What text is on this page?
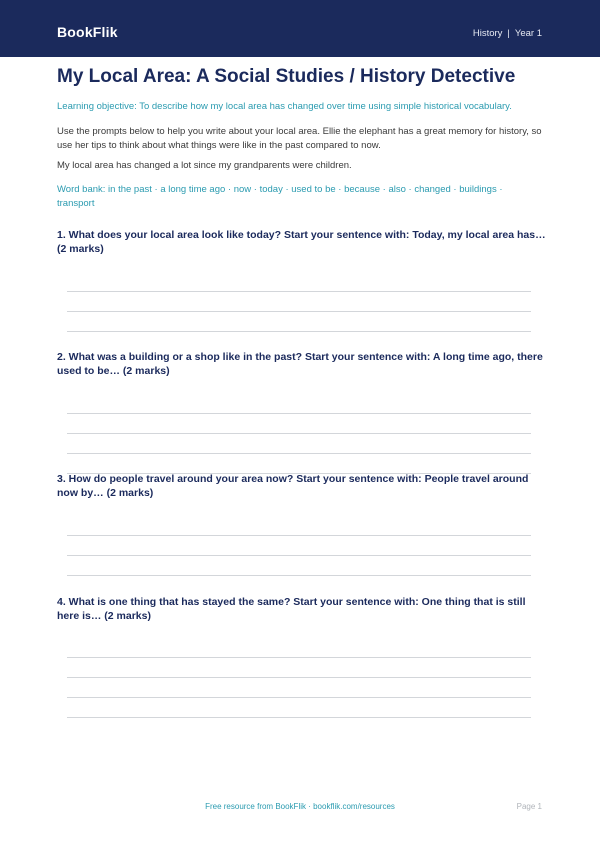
BookFlik	History | Year 1
My Local Area: A Social Studies / History Detective

Learning objective: To describe how my local area has changed over time using simple historical vocabulary.

Use the prompts below to help you write about your local area. Ellie the elephant has a great memory for history, so use her tips to think about what things were like in the past compared to now.

My local area has changed a lot since my grandparents were children.

Word bank: in the past · a long time ago · now · today · used to be · because · also · changed · buildings · transport

1. What does your local area look like today? Start your sentence with: Today, my local area has… (2 marks)

2. What was a building or a shop like in the past? Start your sentence with: A long time ago, there used to be… (2 marks)

3. How do people travel around your area now? Start your sentence with: People travel around now by… (2 marks)

4. What is one thing that has stayed the same? Start your sentence with: One thing that is still here is… (2 marks)

Free resource from BookFlik · bookflik.com/resources	Page 1
